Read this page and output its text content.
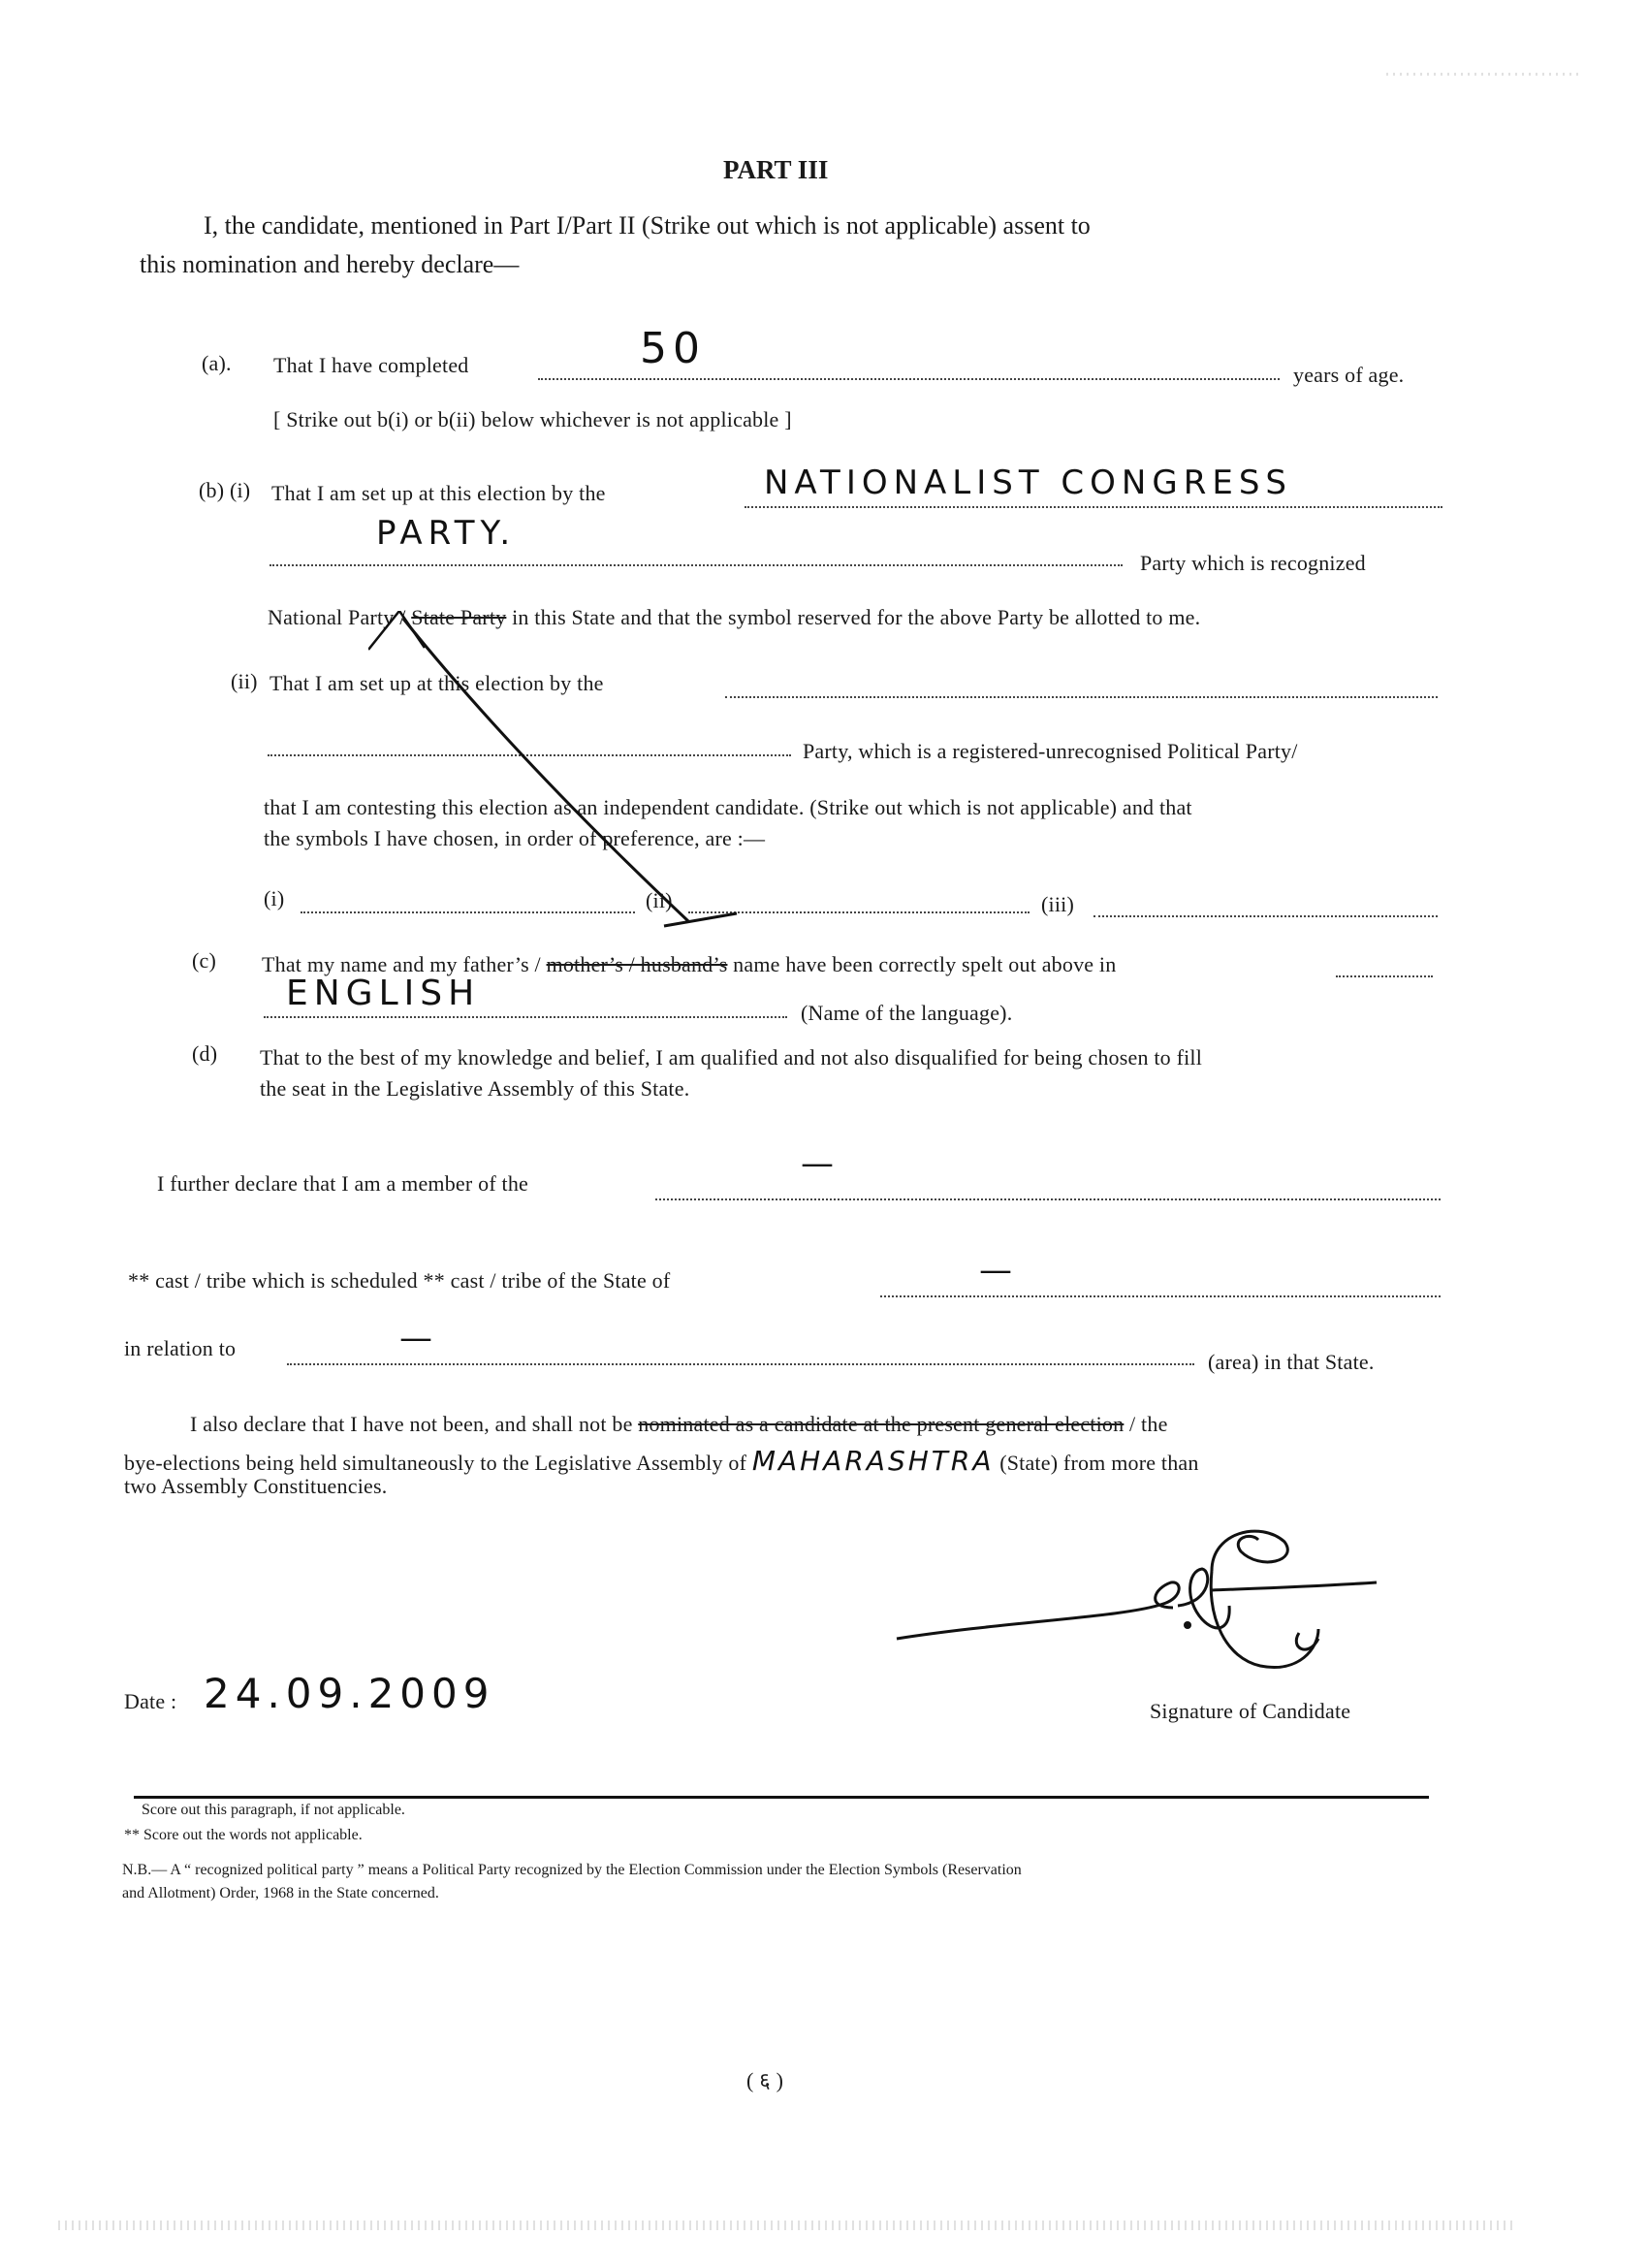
PART III
I, the candidate, mentioned in Part I/Part II (Strike out which is not applicable) assent to
this nomination and hereby declare—
(a). That I have completed	50
years of age.
[ Strike out b(i) or b(ii) below whichever is not applicable ]
(b) (i) That I am set up at this election by the	NATIONALIST CONGRESS
PARTY.
Party which is recognized
National Party / State Party in this State and that the symbol reserved for the above Party be allotted to me.
(ii) That I am set up at this election by the
Party, which is a registered-unrecognised Political Party/
that I am contesting this election as an independent candidate. (Strike out which is not applicable) and that
the symbols I have chosen, in order of preference, are :—
(i)	(ii)	(iii)
(c) That my name and my father’s / mother’s / husband’s name have been correctly spelt out above in
ENGLISH	(Name of the language).
(d) That to the best of my knowledge and belief, I am qualified and not also disqualified for being chosen to fill
the seat in the Legislative Assembly of this State.
I further declare that I am a member of the
—
** cast / tribe which is scheduled ** cast / tribe of the State of	—
in relation to	—
(area) in that State.
I also declare that I have not been, and shall not be nominated as a candidate at the present general election / the
bye-elections being held simultaneously to the Legislative Assembly of MAHARASHTRA (State) from more than
two Assembly Constituencies.
Date : 24.09.2009	Signature of Candidate
Score out this paragraph, if not applicable.
** Score out the words not applicable.
N.B.— A “ recognized political party ” means a Political Party recognized by the Election Commission under the Election Symbols (Reservation
and Allotment) Order, 1968 in the State concerned.
( ६ )
